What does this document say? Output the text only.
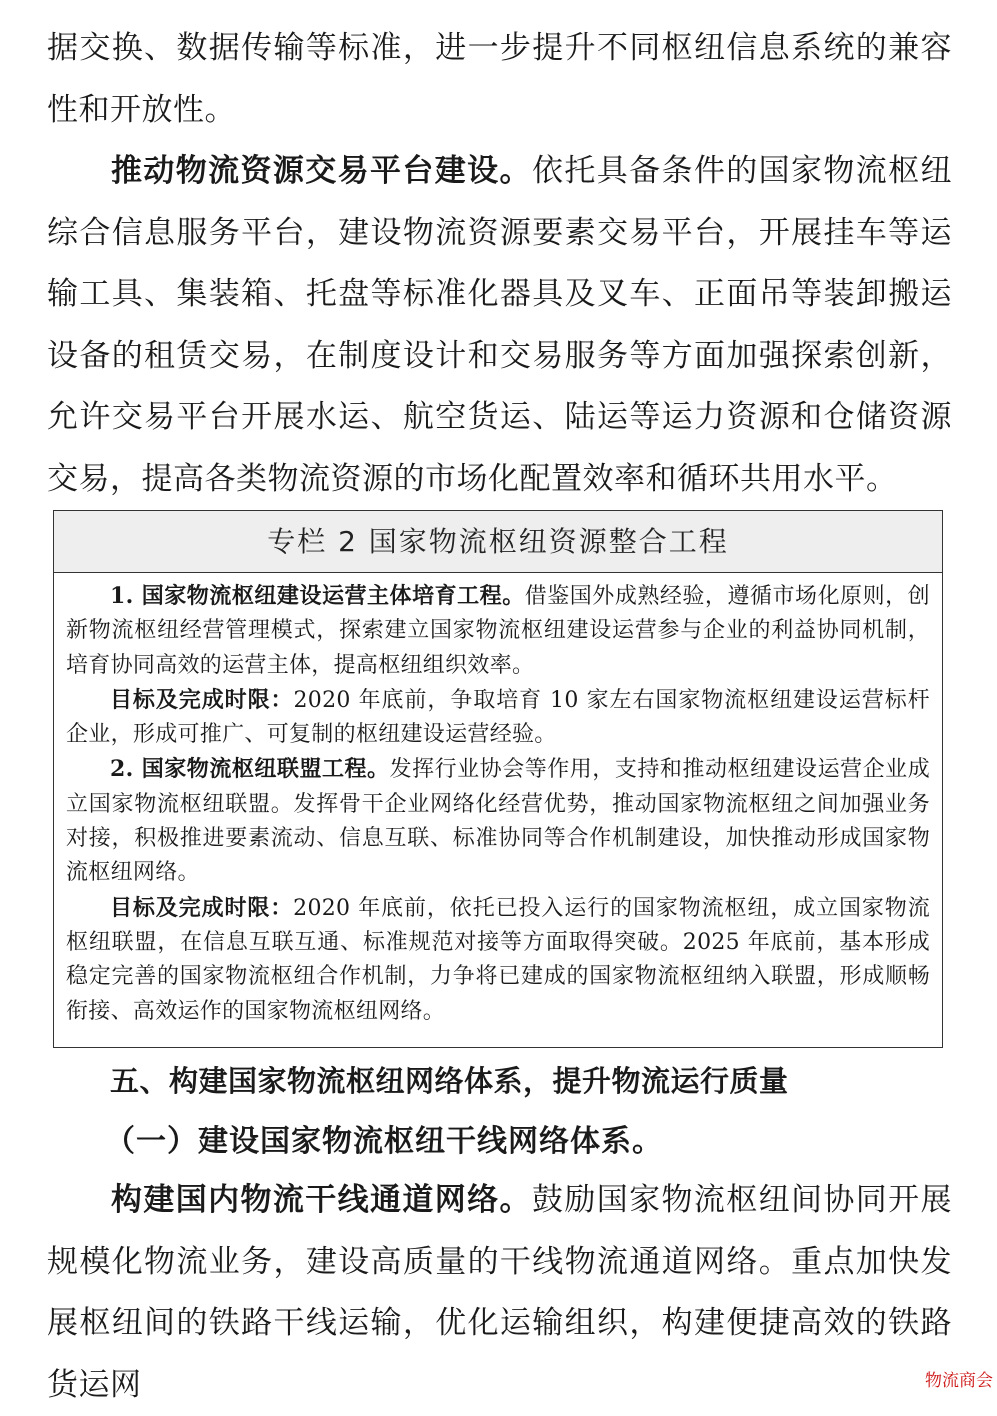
据交换、数据传输等标准，进一步提升不同枢纽信息系统的兼容性和开放性。

推动物流资源交易平台建设。依托具备条件的国家物流枢纽综合信息服务平台，建设物流资源要素交易平台，开展挂车等运输工具、集装箱、托盘等标准化器具及叉车、正面吊等装卸搬运设备的租赁交易，在制度设计和交易服务等方面加强探索创新，允许交易平台开展水运、航空货运、陆运等运力资源和仓储资源交易，提高各类物流资源的市场化配置效率和循环共用水平。

专栏 2 国家物流枢纽资源整合工程

1. 国家物流枢纽建设运营主体培育工程。借鉴国外成熟经验，遵循市场化原则，创新物流枢纽经营管理模式，探索建立国家物流枢纽建设运营参与企业的利益协同机制，培育协同高效的运营主体，提高枢纽组织效率。

目标及完成时限：2020 年底前，争取培育 10 家左右国家物流枢纽建设运营标杆企业，形成可推广、可复制的枢纽建设运营经验。

2. 国家物流枢纽联盟工程。发挥行业协会等作用，支持和推动枢纽建设运营企业成立国家物流枢纽联盟。发挥骨干企业网络化经营优势，推动国家物流枢纽之间加强业务对接，积极推进要素流动、信息互联、标准协同等合作机制建设，加快推动形成国家物流枢纽网络。

目标及完成时限：2020 年底前，依托已投入运行的国家物流枢纽，成立国家物流枢纽联盟，在信息互联互通、标准规范对接等方面取得突破。2025 年底前，基本形成稳定完善的国家物流枢纽合作机制，力争将已建成的国家物流枢纽纳入联盟，形成顺畅衔接、高效运作的国家物流枢纽网络。

五、构建国家物流枢纽网络体系，提升物流运行质量
（一）建设国家物流枢纽干线网络体系。

构建国内物流干线通道网络。鼓励国家物流枢纽间协同开展规模化物流业务，建设高质量的干线物流通道网络。重点加快发展枢纽间的铁路干线运输，优化运输组织，构建便捷高效的铁路货运网	物流商会
